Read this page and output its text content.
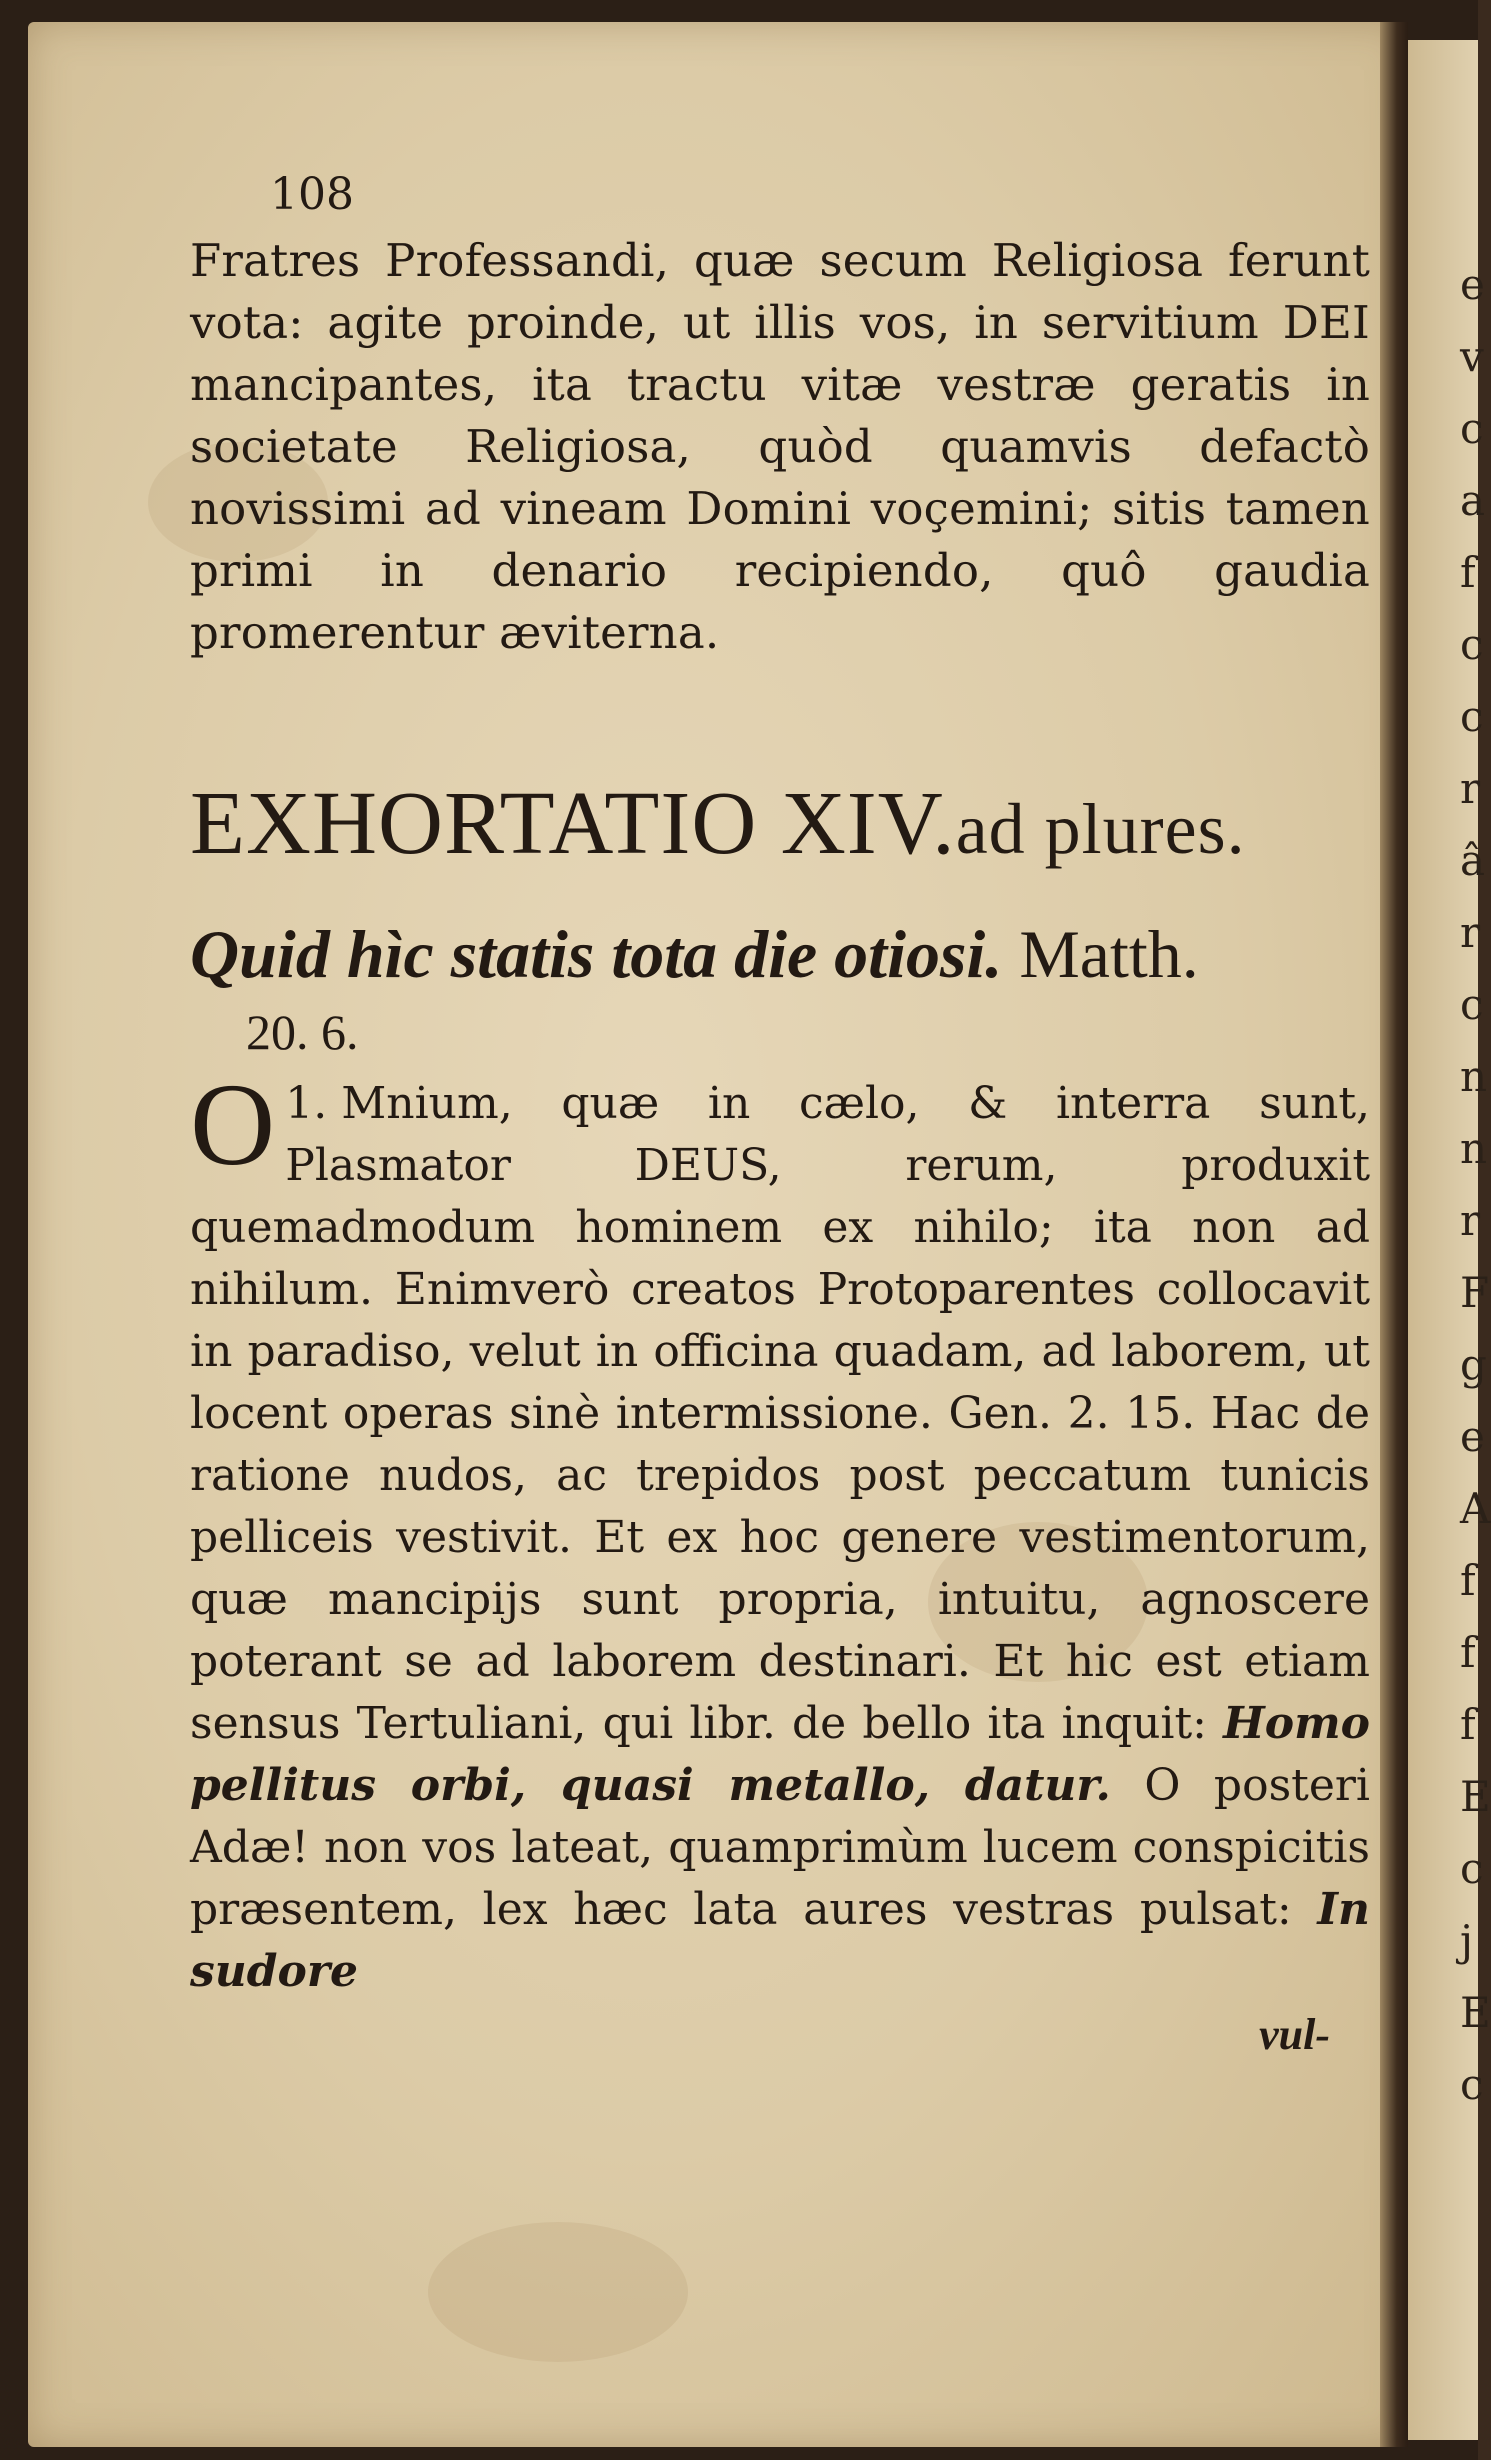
e
v
c
a
f
c
c
r
â
r
c
n
n
r
F
g
e
A
f
f
f
E
c
j
E
c
108
Fratres Professandi, quæ secum Religiosa ferunt vota: agite proinde, ut illis vos, in servitium DEI mancipantes, ita tractu vitæ vestræ geratis in societate Religiosa, quòd quamvis defactò novissimi ad vineam Domini voçemini; sitis tamen primi in denario recipiendo, quô gaudia promerentur æviterna.
EXHORTATIO XIV.ad plures.
Quid hìc statis tota die otiosi. Matth.
20. 6.
1.
O Mnium, quæ in cælo, & interra sunt, Plasmator DEUS, rerum, produxit quemadmodum hominem ex nihilo; ita non ad nihilum. Enimverò creatos Protoparentes collocavit in paradiso, velut in officina quadam, ad laborem, ut locent operas sinè intermissione. Gen. 2. 15. Hac de ratione nudos, ac trepidos post peccatum tunicis pelliceis vestivit. Et ex hoc genere vestimentorum, quæ mancipijs sunt propria, intuitu, agnoscere poterant se ad laborem destinari. Et hic est etiam sensus Tertuliani, qui libr. de bello ita inquit: Homo pellitus orbi, quasi metallo, datur. O posteri Adæ! non vos lateat, quamprimùm lucem conspicitis præsentem, lex hæc lata aures vestras pulsat: In sudore
vul-
